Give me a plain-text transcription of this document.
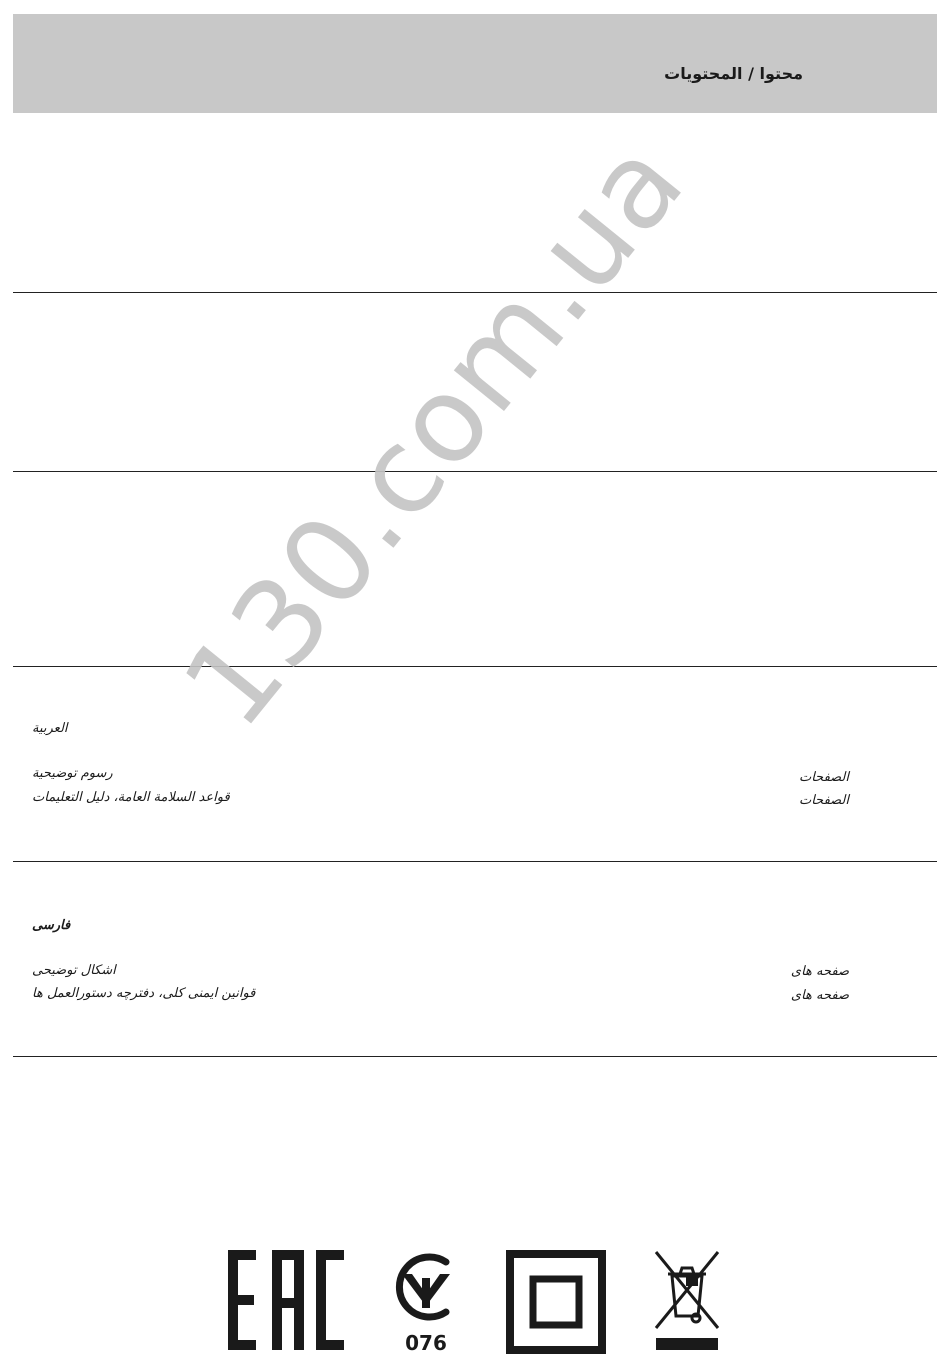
محتوا / المحتويات
العربية
رسوم توضيحية	الصفحات
قواعد السلامة العامة، دليل التعليمات	الصفحات
فارسی
اشکال توضیحی	صفحه های
قوانین ایمنی کلی، دفترچه دستورالعمل ها	صفحه های
130.com.ua
076
